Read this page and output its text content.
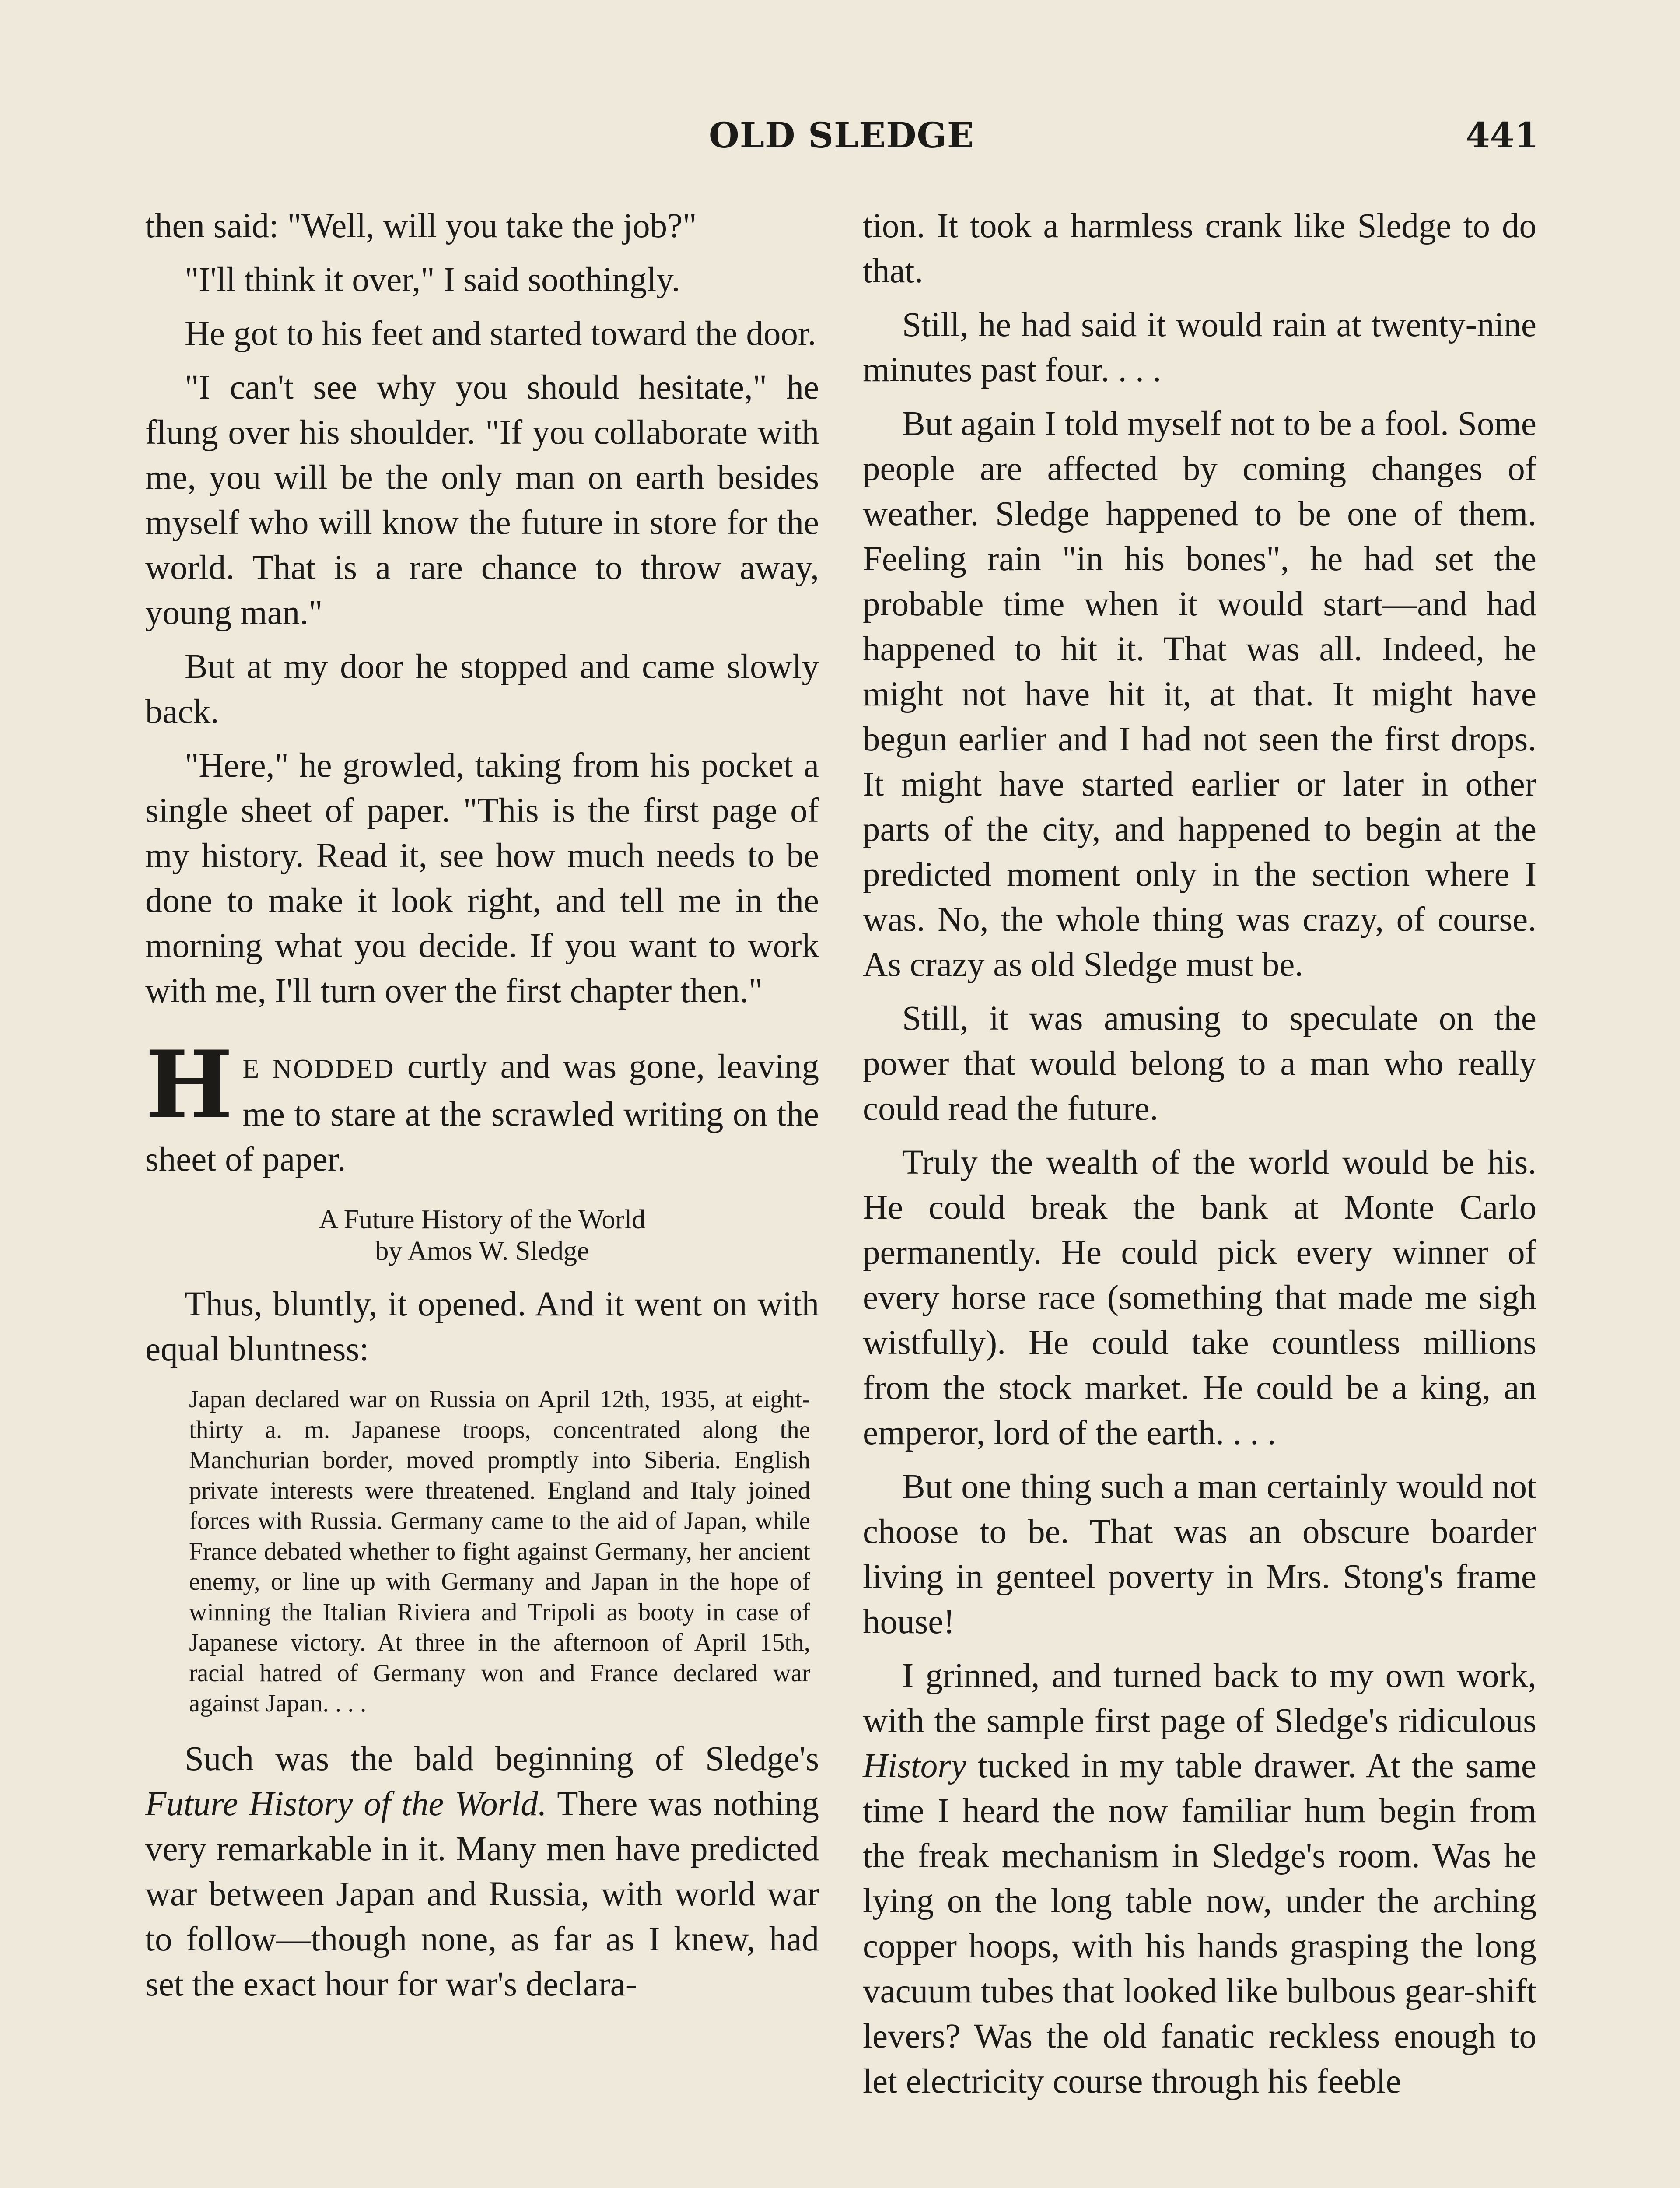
OLD SLEDGE	441

then said: "Well, will you take the job?"

"I'll think it over," I said soothingly.

He got to his feet and started toward the door.

"I can't see why you should hesitate," he flung over his shoulder. "If you collaborate with me, you will be the only man on earth besides myself who will know the future in store for the world. That is a rare chance to throw away, young man."

But at my door he stopped and came slowly back.

"Here," he growled, taking from his pocket a single sheet of paper. "This is the first page of my history. Read it, see how much needs to be done to make it look right, and tell me in the morning what you decide. If you want to work with me, I'll turn over the first chapter then."

H E NODDED curtly and was gone, leaving me to stare at the scrawled writing on the sheet of paper.

A Future History of the World
by Amos W. Sledge

Thus, bluntly, it opened. And it went on with equal bluntness:

Japan declared war on Russia on April 12th, 1935, at eight-thirty a. m. Japanese troops, concentrated along the Manchurian border, moved promptly into Siberia. English private interests were threatened. England and Italy joined forces with Russia. Germany came to the aid of Japan, while France debated whether to fight against Germany, her ancient enemy, or line up with Germany and Japan in the hope of winning the Italian Riviera and Tripoli as booty in case of Japanese victory. At three in the afternoon of April 15th, racial hatred of Germany won and France declared war against Japan. . . .

Such was the bald beginning of Sledge's Future History of the World. There was nothing very remarkable in it. Many men have predicted war between Japan and Russia, with world war to follow—though none, as far as I knew, had set the exact hour for war's declara-

tion. It took a harmless crank like Sledge to do that.

Still, he had said it would rain at twenty-nine minutes past four. . . .

But again I told myself not to be a fool. Some people are affected by coming changes of weather. Sledge happened to be one of them. Feeling rain "in his bones", he had set the probable time when it would start—and had happened to hit it. That was all. Indeed, he might not have hit it, at that. It might have begun earlier and I had not seen the first drops. It might have started earlier or later in other parts of the city, and happened to begin at the predicted moment only in the section where I was. No, the whole thing was crazy, of course. As crazy as old Sledge must be.

Still, it was amusing to speculate on the power that would belong to a man who really could read the future.

Truly the wealth of the world would be his. He could break the bank at Monte Carlo permanently. He could pick every winner of every horse race (something that made me sigh wistfully). He could take countless millions from the stock market. He could be a king, an emperor, lord of the earth. . . .

But one thing such a man certainly would not choose to be. That was an obscure boarder living in genteel poverty in Mrs. Stong's frame house!

I grinned, and turned back to my own work, with the sample first page of Sledge's ridiculous History tucked in my table drawer. At the same time I heard the now familiar hum begin from the freak mechanism in Sledge's room. Was he lying on the long table now, under the arching copper hoops, with his hands grasping the long vacuum tubes that looked like bulbous gear-shift levers? Was the old fanatic reckless enough to let electricity course through his feeble
